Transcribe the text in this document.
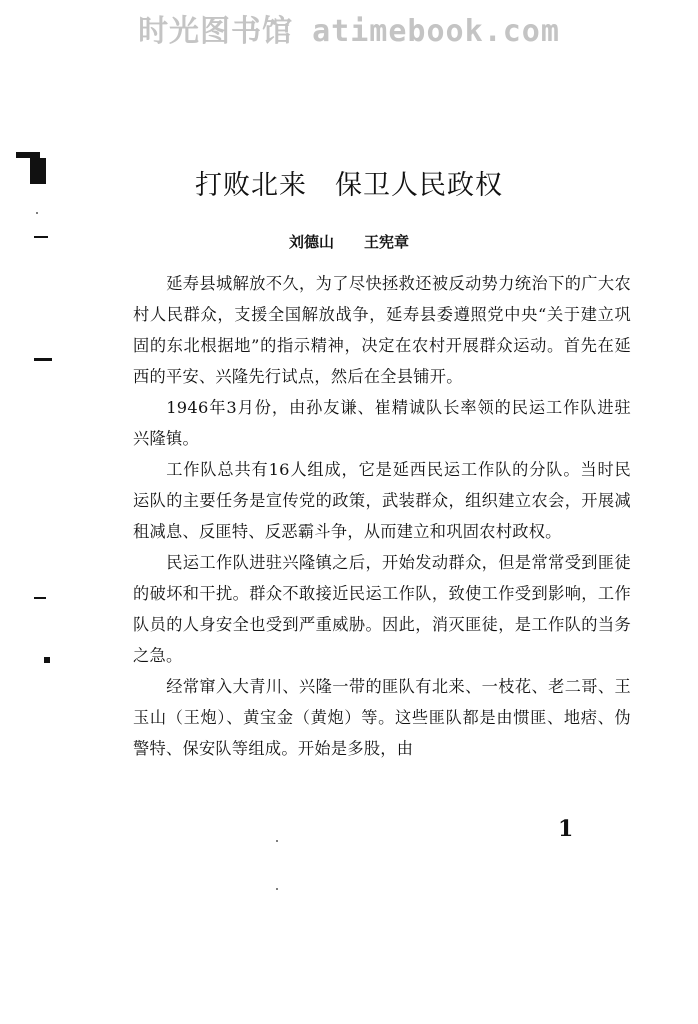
时光图书馆 atimebook.com
打败北来　保卫人民政权
刘德山　　王宪章

延寿县城解放不久，为了尽快拯救还被反动势力统治下的广大农村人民群众，支援全国解放战争，延寿县委遵照党中央“关于建立巩固的东北根据地”的指示精神，决定在农村开展群众运动。首先在延西的平安、兴隆先行试点，然后在全县铺开。

1946年3月份，由孙友谦、崔精诚队长率领的民运工作队进驻兴隆镇。

工作队总共有16人组成，它是延西民运工作队的分队。当时民运队的主要任务是宣传党的政策，武装群众，组织建立农会，开展减租减息、反匪特、反恶霸斗争，从而建立和巩固农村政权。

民运工作队进驻兴隆镇之后，开始发动群众，但是常常受到匪徒的破坏和干扰。群众不敢接近民运工作队，致使工作受到影响，工作队员的人身安全也受到严重威胁。因此，消灭匪徒，是工作队的当务之急。

经常窜入大青川、兴隆一带的匪队有北来、一枝花、老二哥、王玉山（王炮）、黄宝金（黄炮）等。这些匪队都是由惯匪、地痞、伪警特、保安队等组成。开始是多股，由

1
